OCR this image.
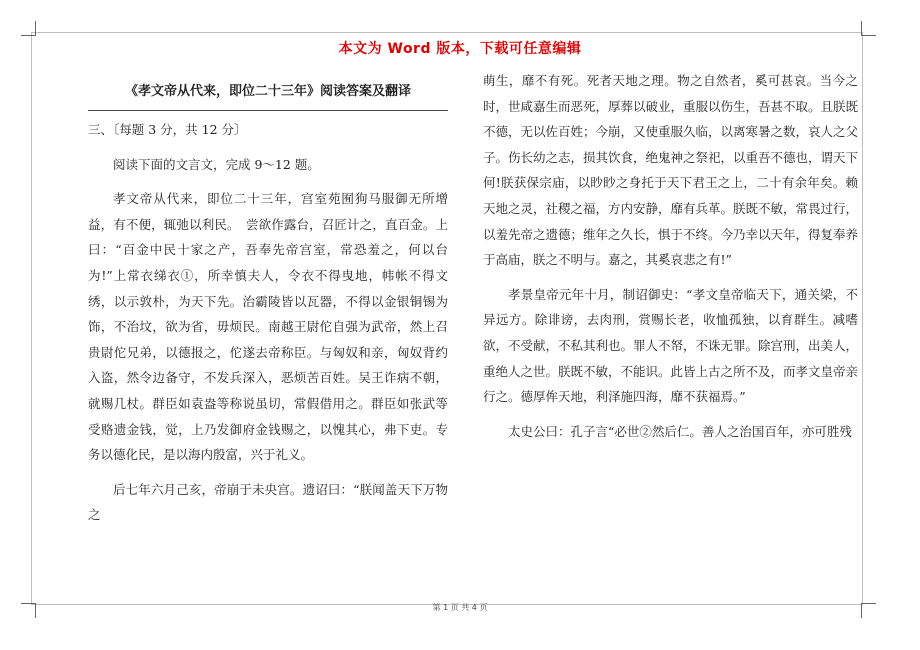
本文为 Word 版本，下载可任意编辑
《孝文帝从代来，即位二十三年》阅读答案及翻译

三、〔每题 3 分，共 12 分〕

阅读下面的文言文，完成 9～12 题。

孝文帝从代来，即位二十三年，宫室苑囿狗马服御无所增益，有不便，辄弛以利民。　尝欲作露台，召匠计之，直百金。上曰：“百金中民十家之产，吾奉先帝宫室，常恐羞之，何以台为!”上常衣绨衣①，所幸慎夫人，令衣不得曳地，帏帐不得文绣，以示敦朴，为天下先。治霸陵皆以瓦器，不得以金银铜锡为饰，不治坟，欲为省，毋烦民。南越王尉佗自强为武帝，然上召贵尉佗兄弟，以德报之，佗遂去帝称臣。与匈奴和亲，匈奴背约入盗，然令边备守，不发兵深入，恶烦苦百姓。吴王诈病不朝，就赐几杖。群臣如袁盎等称说虽切，常假借用之。群臣如张武等受赂遗金钱，觉，上乃发御府金钱赐之，以愧其心，弗下吏。专务以德化民，是以海内殷富，兴于礼义。

后七年六月己亥，帝崩于未央宫。遗诏曰：“朕闻盖天下万物之

萌生，靡不有死。死者天地之理。物之自然者，奚可甚哀。当今之时，世咸嘉生而恶死，厚葬以破业，重服以伤生，吾甚不取。且朕既不德，无以佐百姓；今崩，又使重服久临，以离寒暑之数，哀人之父子。伤长幼之志，损其饮食，绝鬼神之祭祀，以重吾不德也，谓天下何!朕获保宗庙，以眇眇之身托于天下君王之上，二十有余年矣。赖天地之灵，社稷之福，方内安静，靡有兵革。朕既不敏，常畏过行，以羞先帝之遗德；维年之久长，惧于不终。今乃幸以天年，得复奉养于高庙，朕之不明与。嘉之，其奚哀悲之有!”

孝景皇帝元年十月，制诏御史：“孝文皇帝临天下，通关梁，不异远方。除诽谤，去肉刑，赏赐长老，收恤孤独，以育群生。减嗜欲，不受献，不私其利也。罪人不帑，不诛无罪。除宫刑，出美人，重绝人之世。朕既不敏，不能识。此皆上古之所不及，而孝文皇帝亲行之。德厚侔天地，利泽施四海，靡不获福焉。”

太史公曰：孔子言“必世②然后仁。善人之治国百年，亦可胜残

第 1 页 共 4 页
